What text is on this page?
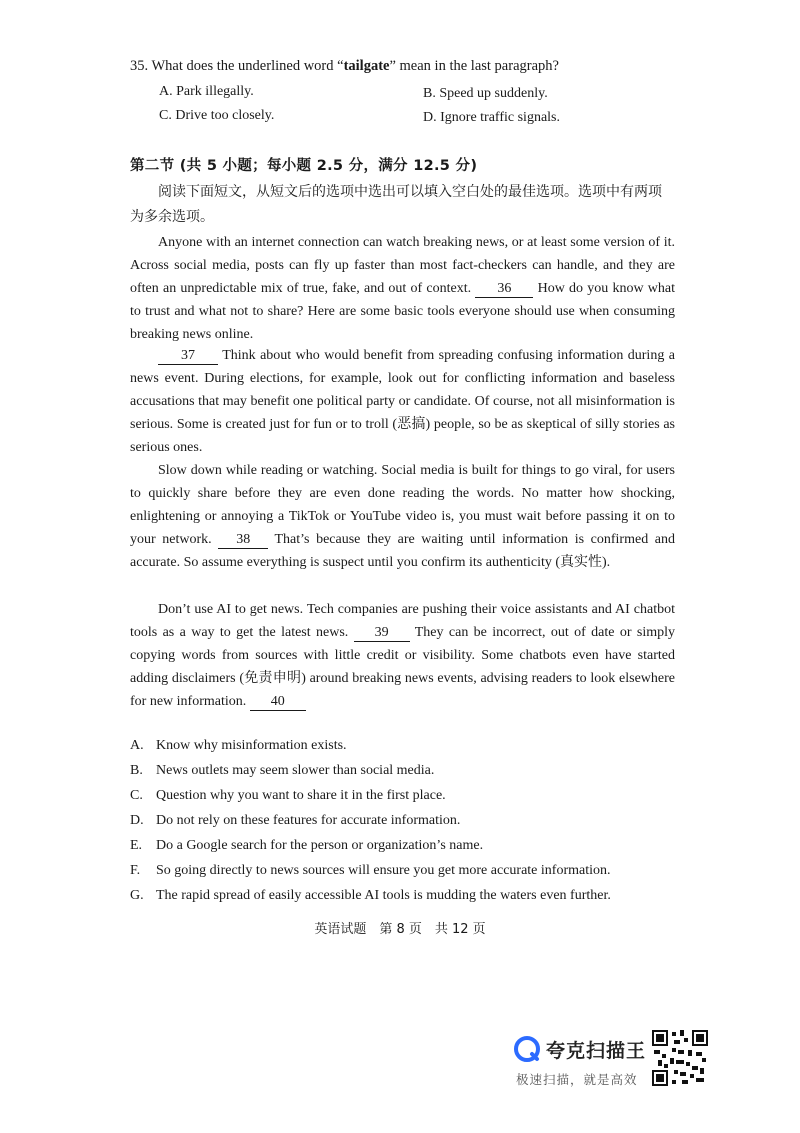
35. What does the underlined word “tailgate” mean in the last paragraph?
A. Park illegally.	B. Speed up suddenly.
C. Drive too closely.	D. Ignore traffic signals.
第二节 (共 5 小题；每小题 2.5 分，满分 12.5 分)
阅读下面短文，从短文后的选项中选出可以填入空白处的最佳选项。选项中有两项为多余选项。
Anyone with an internet connection can watch breaking news, or at least some version of it. Across social media, posts can fly up faster than most fact-checkers can handle, and they are often an unpredictable mix of true, fake, and out of context. 36 How do you know what to trust and what not to share? Here are some basic tools everyone should use when consuming breaking news online.
37 Think about who would benefit from spreading confusing information during a news event. During elections, for example, look out for conflicting information and baseless accusations that may benefit one political party or candidate. Of course, not all misinformation is serious. Some is created just for fun or to troll (恶搞) people, so be as skeptical of silly stories as serious ones.
Slow down while reading or watching. Social media is built for things to go viral, for users to quickly share before they are even done reading the words. No matter how shocking, enlightening or annoying a TikTok or YouTube video is, you must wait before passing it on to your network. 38 That’s because they are waiting until information is confirmed and accurate. So assume everything is suspect until you confirm its authenticity (真实性).
Don’t use AI to get news. Tech companies are pushing their voice assistants and AI chatbot tools as a way to get the latest news. 39 They can be incorrect, out of date or simply copying words from sources with little credit or visibility. Some chatbots even have started adding disclaimers (免责申明) around breaking news events, advising readers to look elsewhere for new information. 40
A. Know why misinformation exists.
B. News outlets may seem slower than social media.
C. Question why you want to share it in the first place.
D. Do not rely on these features for accurate information.
E. Do a Google search for the person or organization’s name.
F. So going directly to news sources will ensure you get more accurate information.
G. The rapid spread of easily accessible AI tools is mudding the waters even further.
英语试题　第 8 页　共 12 页
夸克扫描王
极速扫描，就是高效
